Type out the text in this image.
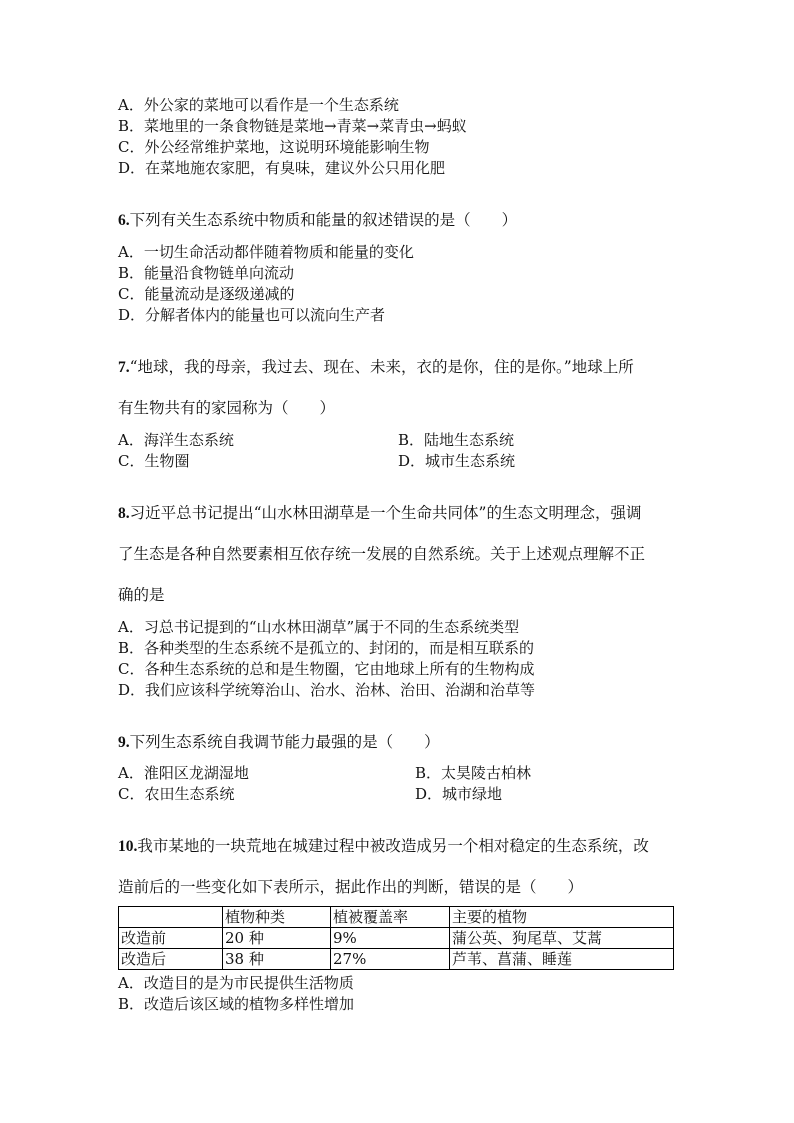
A．外公家的菜地可以看作是一个生态系统
B．菜地里的一条食物链是菜地→青菜→菜青虫→蚂蚁
C．外公经常维护菜地，这说明环境能影响生物
D．在菜地施农家肥，有臭味，建议外公只用化肥
6.下列有关生态系统中物质和能量的叙述错误的是（　　）
A．一切生命活动都伴随着物质和能量的变化
B．能量沿食物链单向流动
C．能量流动是逐级递减的
D．分解者体内的能量也可以流向生产者
7.“地球，我的母亲，我过去、现在、未来，衣的是你，住的是你。”地球上所
有生物共有的家园称为（　　）
A．海洋生态系统	B．陆地生态系统
C．生物圈	D．城市生态系统
8.习近平总书记提出“山水林田湖草是一个生命共同体”的生态文明理念，强调
了生态是各种自然要素相互依存统一发展的自然系统。关于上述观点理解不正
确的是
A．习总书记提到的“山水林田湖草”属于不同的生态系统类型
B．各种类型的生态系统不是孤立的、封闭的，而是相互联系的
C．各种生态系统的总和是生物圈，它由地球上所有的生物构成
D．我们应该科学统筹治山、治水、治林、治田、治湖和治草等
9.下列生态系统自我调节能力最强的是（　　）
A．淮阳区龙湖湿地	B．太昊陵古柏林
C．农田生态系统	D．城市绿地
10.我市某地的一块荒地在城建过程中被改造成另一个相对稳定的生态系统，改
造前后的一些变化如下表所示，据此作出的判断，错误的是（　　）
	植物种类	植被覆盖率	主要的植物
改造前	20 种	9%	蒲公英、狗尾草、艾蒿
改造后	38 种	27%	芦苇、菖蒲、睡莲
A．改造目的是为市民提供生活物质
B．改造后该区域的植物多样性增加
